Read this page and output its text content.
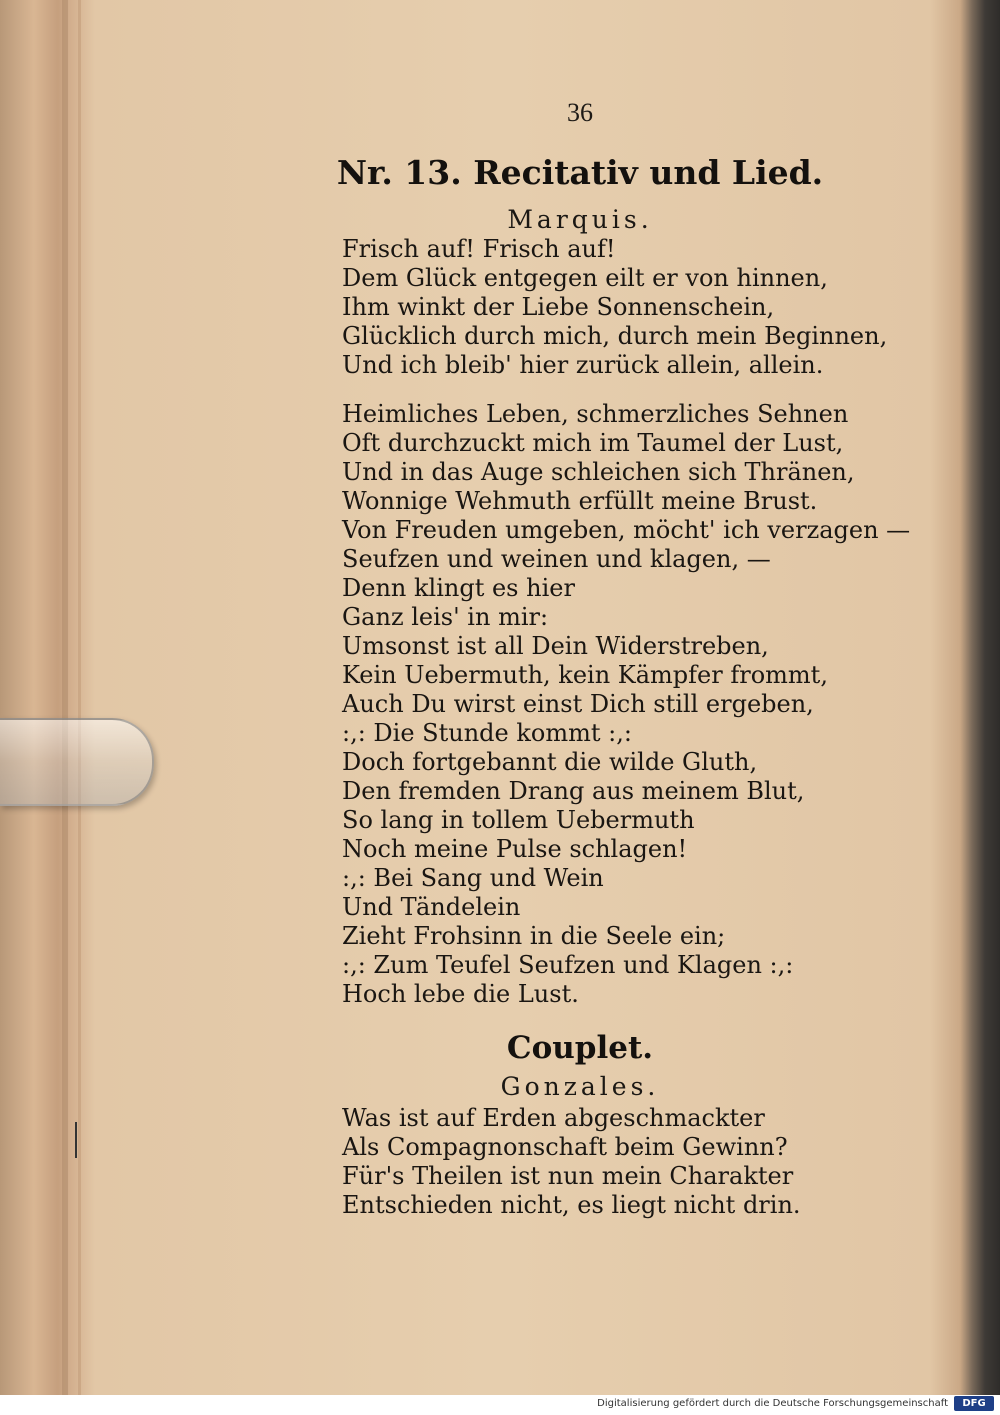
36
Nr. 13. Recitativ und Lied.
Marquis.
Frisch auf! Frisch auf!
Dem Glück entgegen eilt er von hinnen,
Ihm winkt der Liebe Sonnenschein,
Glücklich durch mich, durch mein Beginnen,
Und ich bleib' hier zurück allein, allein.
Heimliches Leben, schmerzliches Sehnen
Oft durchzuckt mich im Taumel der Lust,
Und in das Auge schleichen sich Thränen,
Wonnige Wehmuth erfüllt meine Brust.
Von Freuden umgeben, möcht' ich verzagen —
Seufzen und weinen und klagen, —
Denn klingt es hier
Ganz leis' in mir:
Umsonst ist all Dein Widerstreben,
Kein Uebermuth, kein Kämpfer frommt,
Auch Du wirst einst Dich still ergeben,
:,: Die Stunde kommt :,:
Doch fortgebannt die wilde Gluth,
Den fremden Drang aus meinem Blut,
So lang in tollem Uebermuth
Noch meine Pulse schlagen!
:,: Bei Sang und Wein
Und Tändelein
Zieht Frohsinn in die Seele ein;
:,: Zum Teufel Seufzen und Klagen :,:
Hoch lebe die Lust.
Couplet.
Gonzales.
Was ist auf Erden abgeschmackter
Als Compagnonschaft beim Gewinn?
Für's Theilen ist nun mein Charakter
Entschieden nicht, es liegt nicht drin.
Digitalisierung gefördert durch die Deutsche Forschungsgemeinschaft	DFG
